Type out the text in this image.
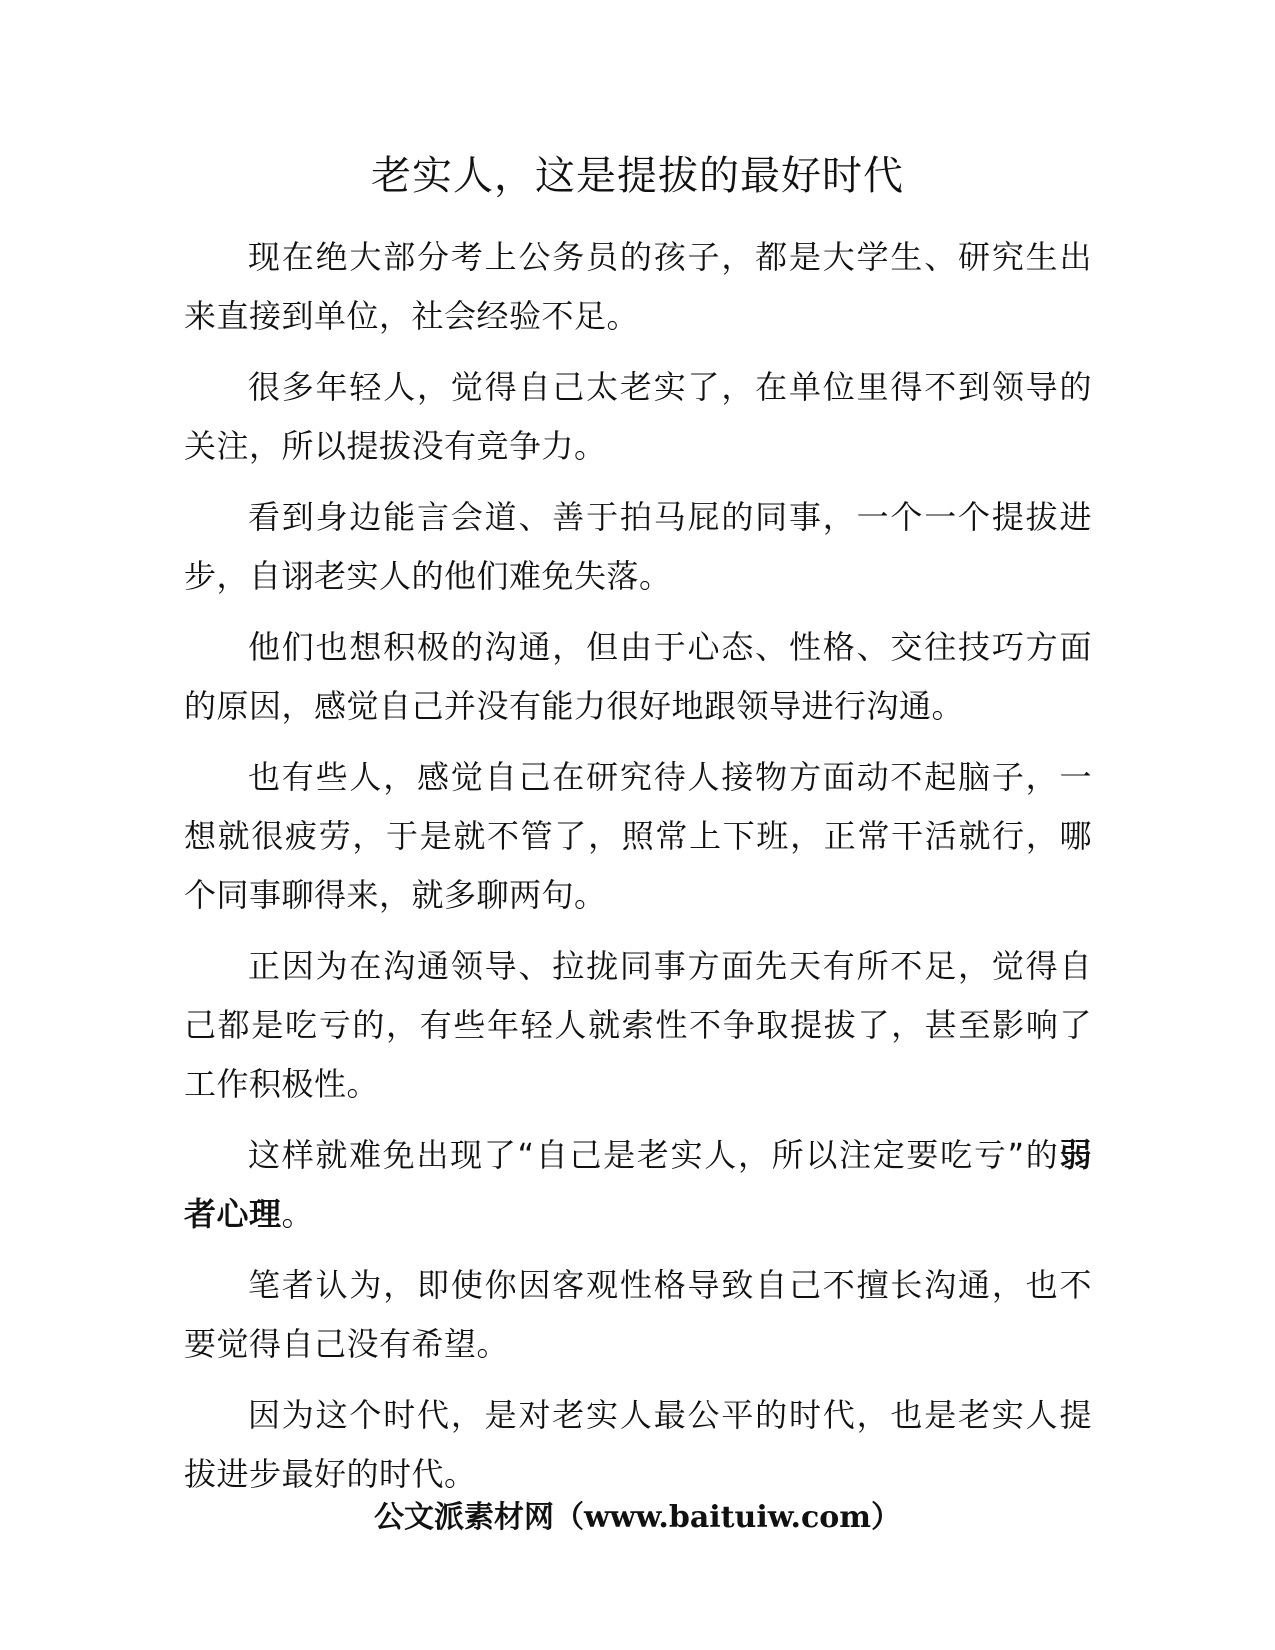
老实人，这是提拔的最好时代

现在绝大部分考上公务员的孩子，都是大学生、研究生出来直接到单位，社会经验不足。

很多年轻人，觉得自己太老实了，在单位里得不到领导的关注，所以提拔没有竞争力。

看到身边能言会道、善于拍马屁的同事，一个一个提拔进步，自诩老实人的他们难免失落。

他们也想积极的沟通，但由于心态、性格、交往技巧方面的原因，感觉自己并没有能力很好地跟领导进行沟通。

也有些人，感觉自己在研究待人接物方面动不起脑子，一想就很疲劳，于是就不管了，照常上下班，正常干活就行，哪个同事聊得来，就多聊两句。

正因为在沟通领导、拉拢同事方面先天有所不足，觉得自己都是吃亏的，有些年轻人就索性不争取提拔了，甚至影响了工作积极性。

这样就难免出现了“自己是老实人，所以注定要吃亏”的弱者心理。

笔者认为，即使你因客观性格导致自己不擅长沟通，也不要觉得自己没有希望。

因为这个时代，是对老实人最公平的时代，也是老实人提拔进步最好的时代。

公文派素材网（www.baituiw.com）
